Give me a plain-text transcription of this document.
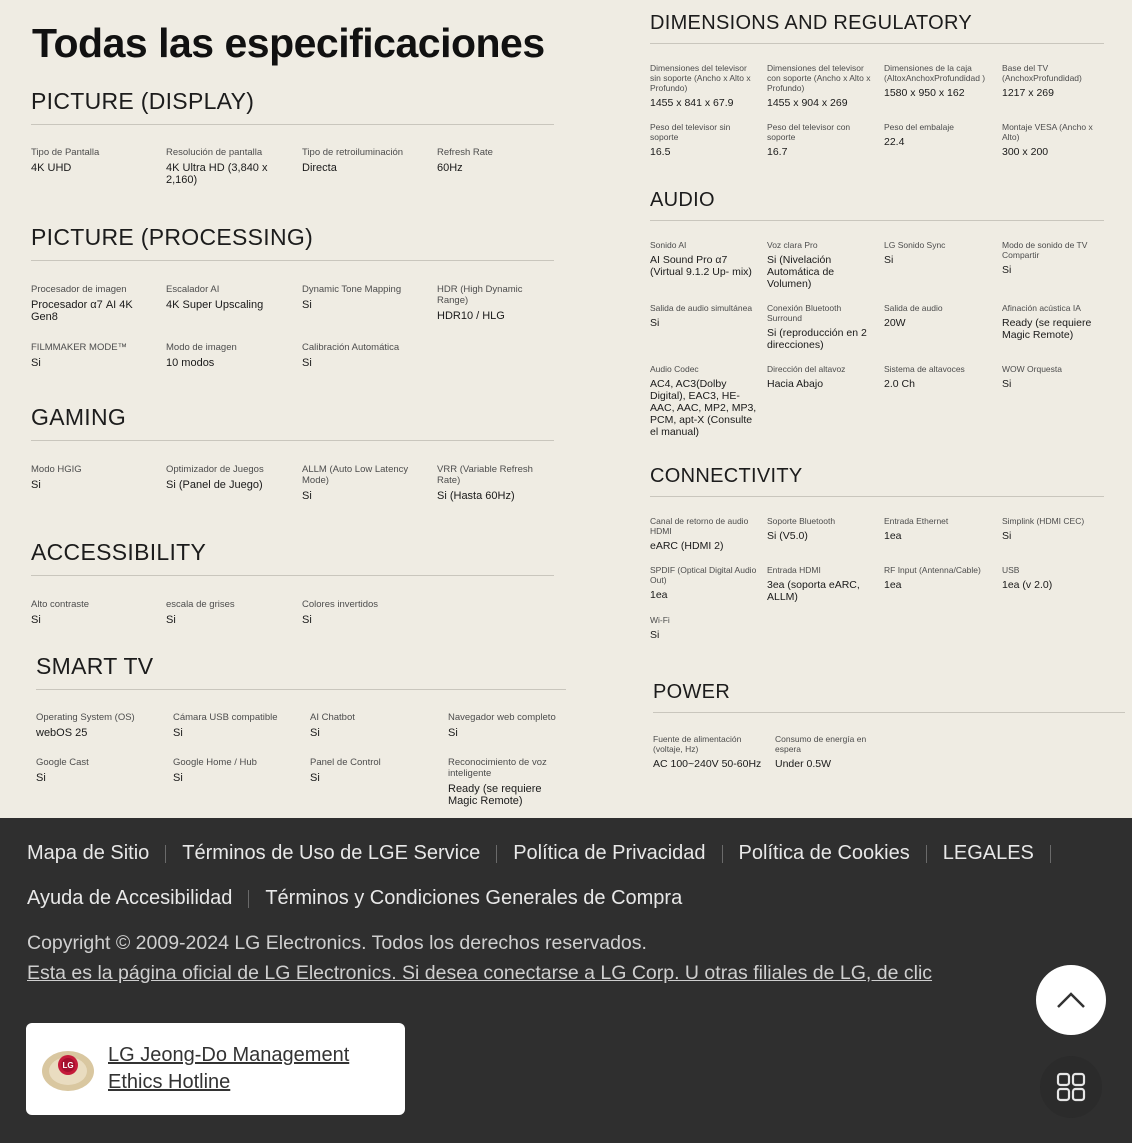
Todas las especificaciones
PICTURE (DISPLAY)
Tipo de Pantalla
4K UHD
Resolución de pantalla
4K Ultra HD (3,840 x 2,160)
Tipo de retroiluminación
Directa
Refresh Rate
60Hz
PICTURE (PROCESSING)
Procesador de imagen
Procesador α7 AI 4K Gen8
Escalador AI
4K Super Upscaling
Dynamic Tone Mapping
Si
HDR (High Dynamic Range)
HDR10 / HLG
FILMMAKER MODE™
Si
Modo de imagen
10 modos
Calibración Automática
Si
GAMING
Modo HGIG
Si
Optimizador de Juegos
Si (Panel de Juego)
ALLM (Auto Low Latency Mode)
Si
VRR (Variable Refresh Rate)
Si (Hasta 60Hz)
ACCESSIBILITY
Alto contraste
Si
escala de grises
Si
Colores invertidos
Si
SMART TV
Operating System (OS)
webOS 25
Cámara USB compatible
Si
AI Chatbot
Si
Navegador web completo
Si
Google Cast
Si
Google Home / Hub
Si
Panel de Control
Si
Reconocimiento de voz inteligente
Ready (se requiere Magic Remote)
DIMENSIONS AND REGULATORY
Dimensiones del televisor sin soporte (Ancho x Alto x Profundo)
1455 x 841 x 67.9
Dimensiones del televisor con soporte (Ancho x Alto x Profundo)
1455 x 904 x 269
Dimensiones de la caja (AltoxAnchoxProfundidad )
1580 x 950 x 162
Base del TV (AnchoxProfundidad)
1217 x 269
Peso del televisor sin soporte
16.5
Peso del televisor con soporte
16.7
Peso del embalaje
22.4
Montaje VESA (Ancho x Alto)
300 x 200
AUDIO
Sonido AI
AI Sound Pro α7 (Virtual 9.1.2 Up- mix)
Voz clara Pro
Si (Nivelación Automática de Volumen)
LG Sonido Sync
Si
Modo de sonido de TV Compartir
Si
Salida de audio simultánea
Si
Conexión Bluetooth Surround
Si (reproducción en 2 direcciones)
Salida de audio
20W
Afinación acústica IA
Ready (se requiere Magic Remote)
Audio Codec
AC4, AC3(Dolby Digital), EAC3, HE-AAC, AAC, MP2, MP3, PCM, apt-X (Consulte el manual)
Dirección del altavoz
Hacia Abajo
Sistema de altavoces
2.0 Ch
WOW Orquesta
Si
CONNECTIVITY
Canal de retorno de audio HDMI
eARC (HDMI 2)
Soporte Bluetooth
Si (V5.0)
Entrada Ethernet
1ea
Simplink (HDMI CEC)
Si
SPDIF (Optical Digital Audio Out)
1ea
Entrada HDMI
3ea (soporta eARC, ALLM)
RF Input (Antenna/Cable)
1ea
USB
1ea (v 2.0)
Wi-Fi
Si
POWER
Fuente de alimentación (voltaje, Hz)
AC 100~240V 50-60Hz
Consumo de energía en espera
Under 0.5W
Mapa de Sitio Términos de Uso de LGE Service Política de Privacidad Política de Cookies LEGALES
Ayuda de Accesibilidad Términos y Condiciones Generales de Compra
Copyright © 2009-2024 LG Electronics. Todos los derechos reservados.
Esta es la página oficial de LG Electronics. Si desea conectarse a LG Corp. U otras filiales de LG, de clic
LG LG Jeong-Do Management
Ethics Hotline
